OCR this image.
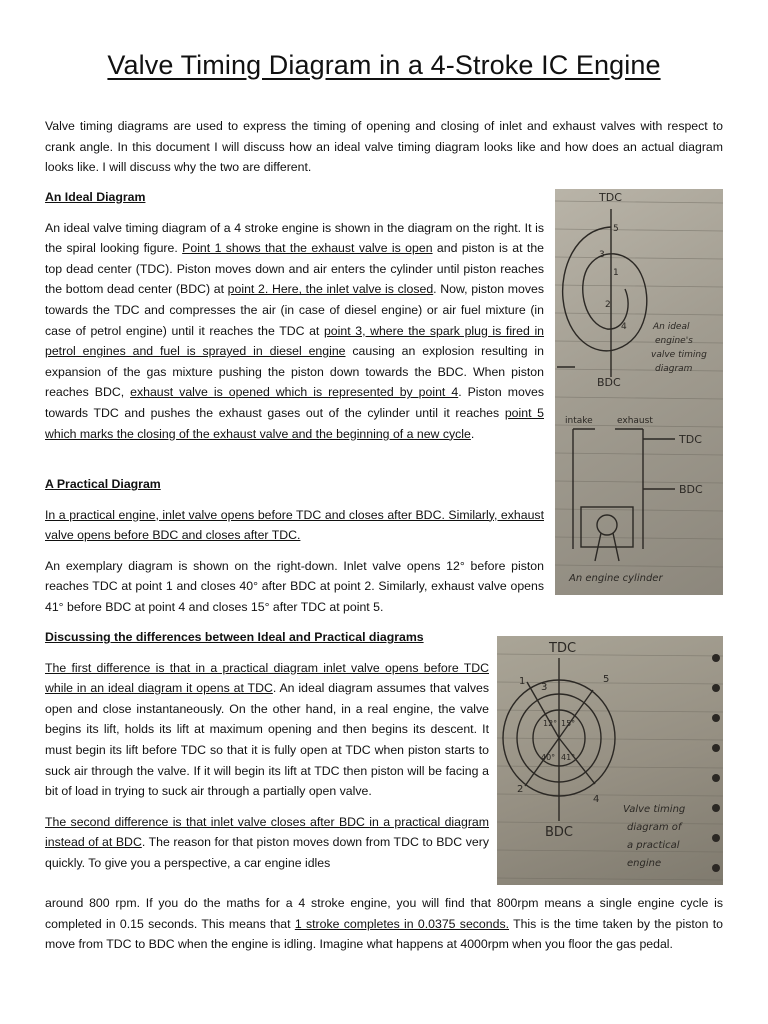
Valve Timing Diagram in a 4-Stroke IC Engine
Valve timing diagrams are used to express the timing of opening and closing of inlet and exhaust valves with respect to crank angle. In this document I will discuss how an ideal valve timing diagram looks like and how does an actual diagram looks like. I will discuss why the two are different.

An Ideal Diagram

An ideal valve timing diagram of a 4 stroke engine is shown in the diagram on the right. It is the spiral looking figure. Point 1 shows that the exhaust valve is open and piston is at the top dead center (TDC). Piston moves down and air enters the cylinder until piston reaches the bottom dead center (BDC) at point 2. Here, the inlet valve is closed. Now, piston moves towards the TDC and compresses the air (in case of diesel engine) or air fuel mixture (in case of petrol engine) until it reaches the TDC at point 3, where the spark plug is fired in petrol engines and fuel is sprayed in diesel engine causing an explosion resulting in expansion of the gas mixture pushing the piston down towards the BDC. When piston reaches BDC, exhaust valve is opened which is represented by point 4. Piston moves towards TDC and pushes the exhaust gases out of the cylinder until it reaches point 5 which marks the closing of the exhaust valve and the beginning of a new cycle.

A Practical Diagram

In a practical engine, inlet valve opens before TDC and closes after BDC. Similarly, exhaust valve opens before BDC and closes after TDC.

An exemplary diagram is shown on the right-down. Inlet valve opens 12° before piston reaches TDC at point 1 and closes 40° after BDC at point 2. Similarly, exhaust valve opens 41° before BDC at point 4 and closes 15° after TDC at point 5.

Discussing the differences between Ideal and Practical diagrams

The first difference is that in a practical diagram inlet valve opens before TDC while in an ideal diagram it opens at TDC. An ideal diagram assumes that valves open and close instantaneously. On the other hand, in a real engine, the valve begins its lift, holds its lift at maximum opening and then begins its descent. It must begin its lift before TDC so that it is fully open at TDC when piston starts to suck air through the valve. If it will begin its lift at TDC then piston will be facing a bit of load in trying to suck air through a partially open valve.

The second difference is that inlet valve closes after BDC in a practical diagram instead of at BDC. The reason for that piston moves down from TDC to BDC very quickly. To give you a perspective, a car engine idles

around 800 rpm. If you do the maths for a 4 stroke engine, you will find that 800rpm means a single engine cycle is completed in 0.15 seconds. This means that 1 stroke completes in 0.0375 seconds. This is the time taken by the piston to move from TDC to BDC when the engine is idling. Imagine what happens at 4000rpm when you floor the gas pedal.
TDC
BDC
5
3
1
2
4	An ideal
engine's
valve timing
diagram
intake	exhaust
TDC
BDC
An engine cylinder
TDC
BDC
1
3
5
2
4
12° 15°
40° 41°
Valve timing
diagram of
a practical
engine
